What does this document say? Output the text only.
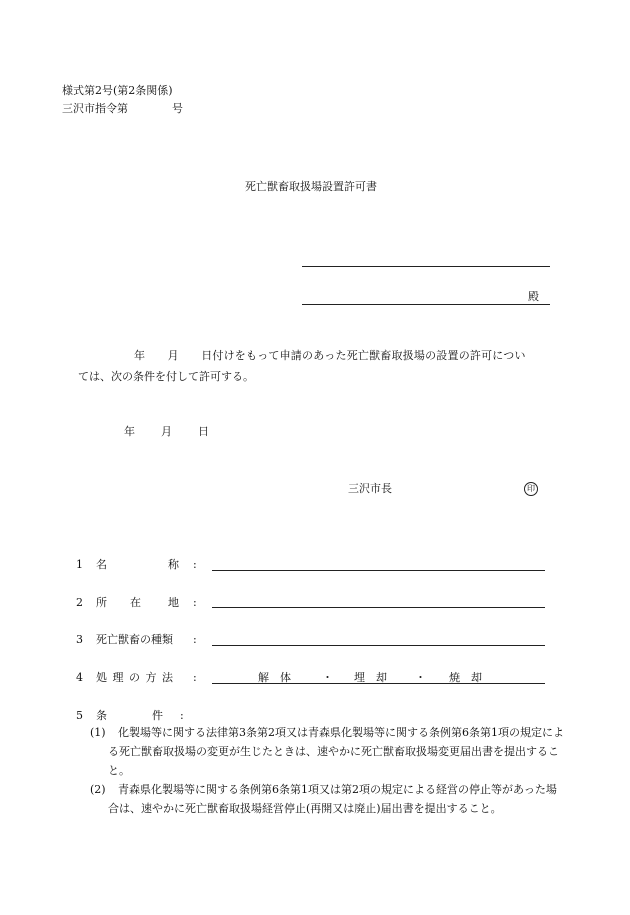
様式第2号(第2条関係)
三沢市指令第　　　　号
死亡獣畜取扱場設置許可書
殿
年　　月　　日付けをもって申請のあった死亡獣畜取扱場の設置の許可につい
ては、次の条件を付して許可する。
年 月 日
三沢市長	印
1 名	称 :
2 所 在 地 :
3 死亡獣畜の種類 :
4 処 理 の 方 法 :	解　体	・ 埋　却	・ 焼　却
5 条	件 :
(1)	化製場等に関する法律第3条第2項又は青森県化製場等に関する条例第6条第1項の規定による死亡獣畜取扱場の変更が生じたときは、速やかに死亡獣畜取扱場変更届出書を提出すること。
(2)	青森県化製場等に関する条例第6条第1項又は第2項の規定による経営の停止等があった場合は、速やかに死亡獣畜取扱場経営停止(再開又は廃止)届出書を提出すること。
